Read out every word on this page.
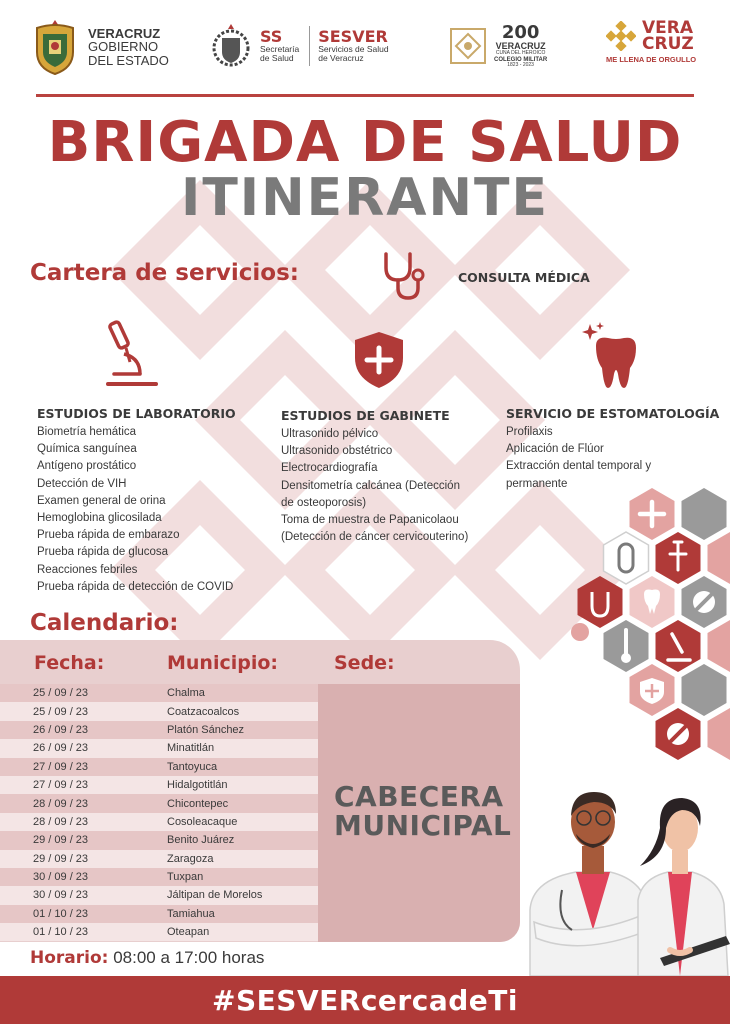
VERACRUZ
GOBIERNO
DEL ESTADO
SS
Secretaría
de Salud
SESVER
Servicios de Salud
de Veracruz
200
VERACRUZ
CUNA DEL HEROICO
COLEGIO MILITAR
1823 - 2023
VERA
CRUZ
ME LLENA DE ORGULLO
BRIGADA DE SALUD
ITINERANTE
Cartera de servicios:	CONSULTA MÉDICA
ESTUDIOS DE LABORATORIO
Biometría hemática
Química sanguínea
Antígeno prostático
Detección de VIH
Examen general de orina
Hemoglobina glicosilada
Prueba rápida de embarazo
Prueba rápida de glucosa
Reacciones febriles
Prueba rápida de detección de COVID
ESTUDIOS DE GABINETE
Ultrasonido pélvico
Ultrasonido obstétrico
Electrocardiografía
Densitometría calcánea (Detección
de osteoporosis)
Toma de muestra de Papanicolaou
(Detección de cáncer cervicouterino)
SERVICIO DE ESTOMATOLOGÍA
Profilaxis
Aplicación de Flúor
Extracción dental temporal y
permanente
Calendario:
Fecha:	Municipio:	Sede:
25 / 09 / 23	Chalma
25 / 09 / 23	Coatzacoalcos
26 / 09 / 23	Platón Sánchez
26 / 09 / 23	Minatitlán
27 / 09 / 23	Tantoyuca
27 / 09 / 23	Hidalgotitlán
28 / 09 / 23	Chicontepec
28 / 09 / 23	Cosoleacaque
29 / 09 / 23	Benito Juárez
29 / 09 / 23	Zaragoza
30 / 09 / 23	Tuxpan
30 / 09 / 23	Jáltipan de Morelos
01 / 10 / 23	Tamiahua
01 / 10 / 23	Oteapan
CABECERA
MUNICIPAL
Horario: 08:00 a 17:00 horas
#SESVERcercadeTi
